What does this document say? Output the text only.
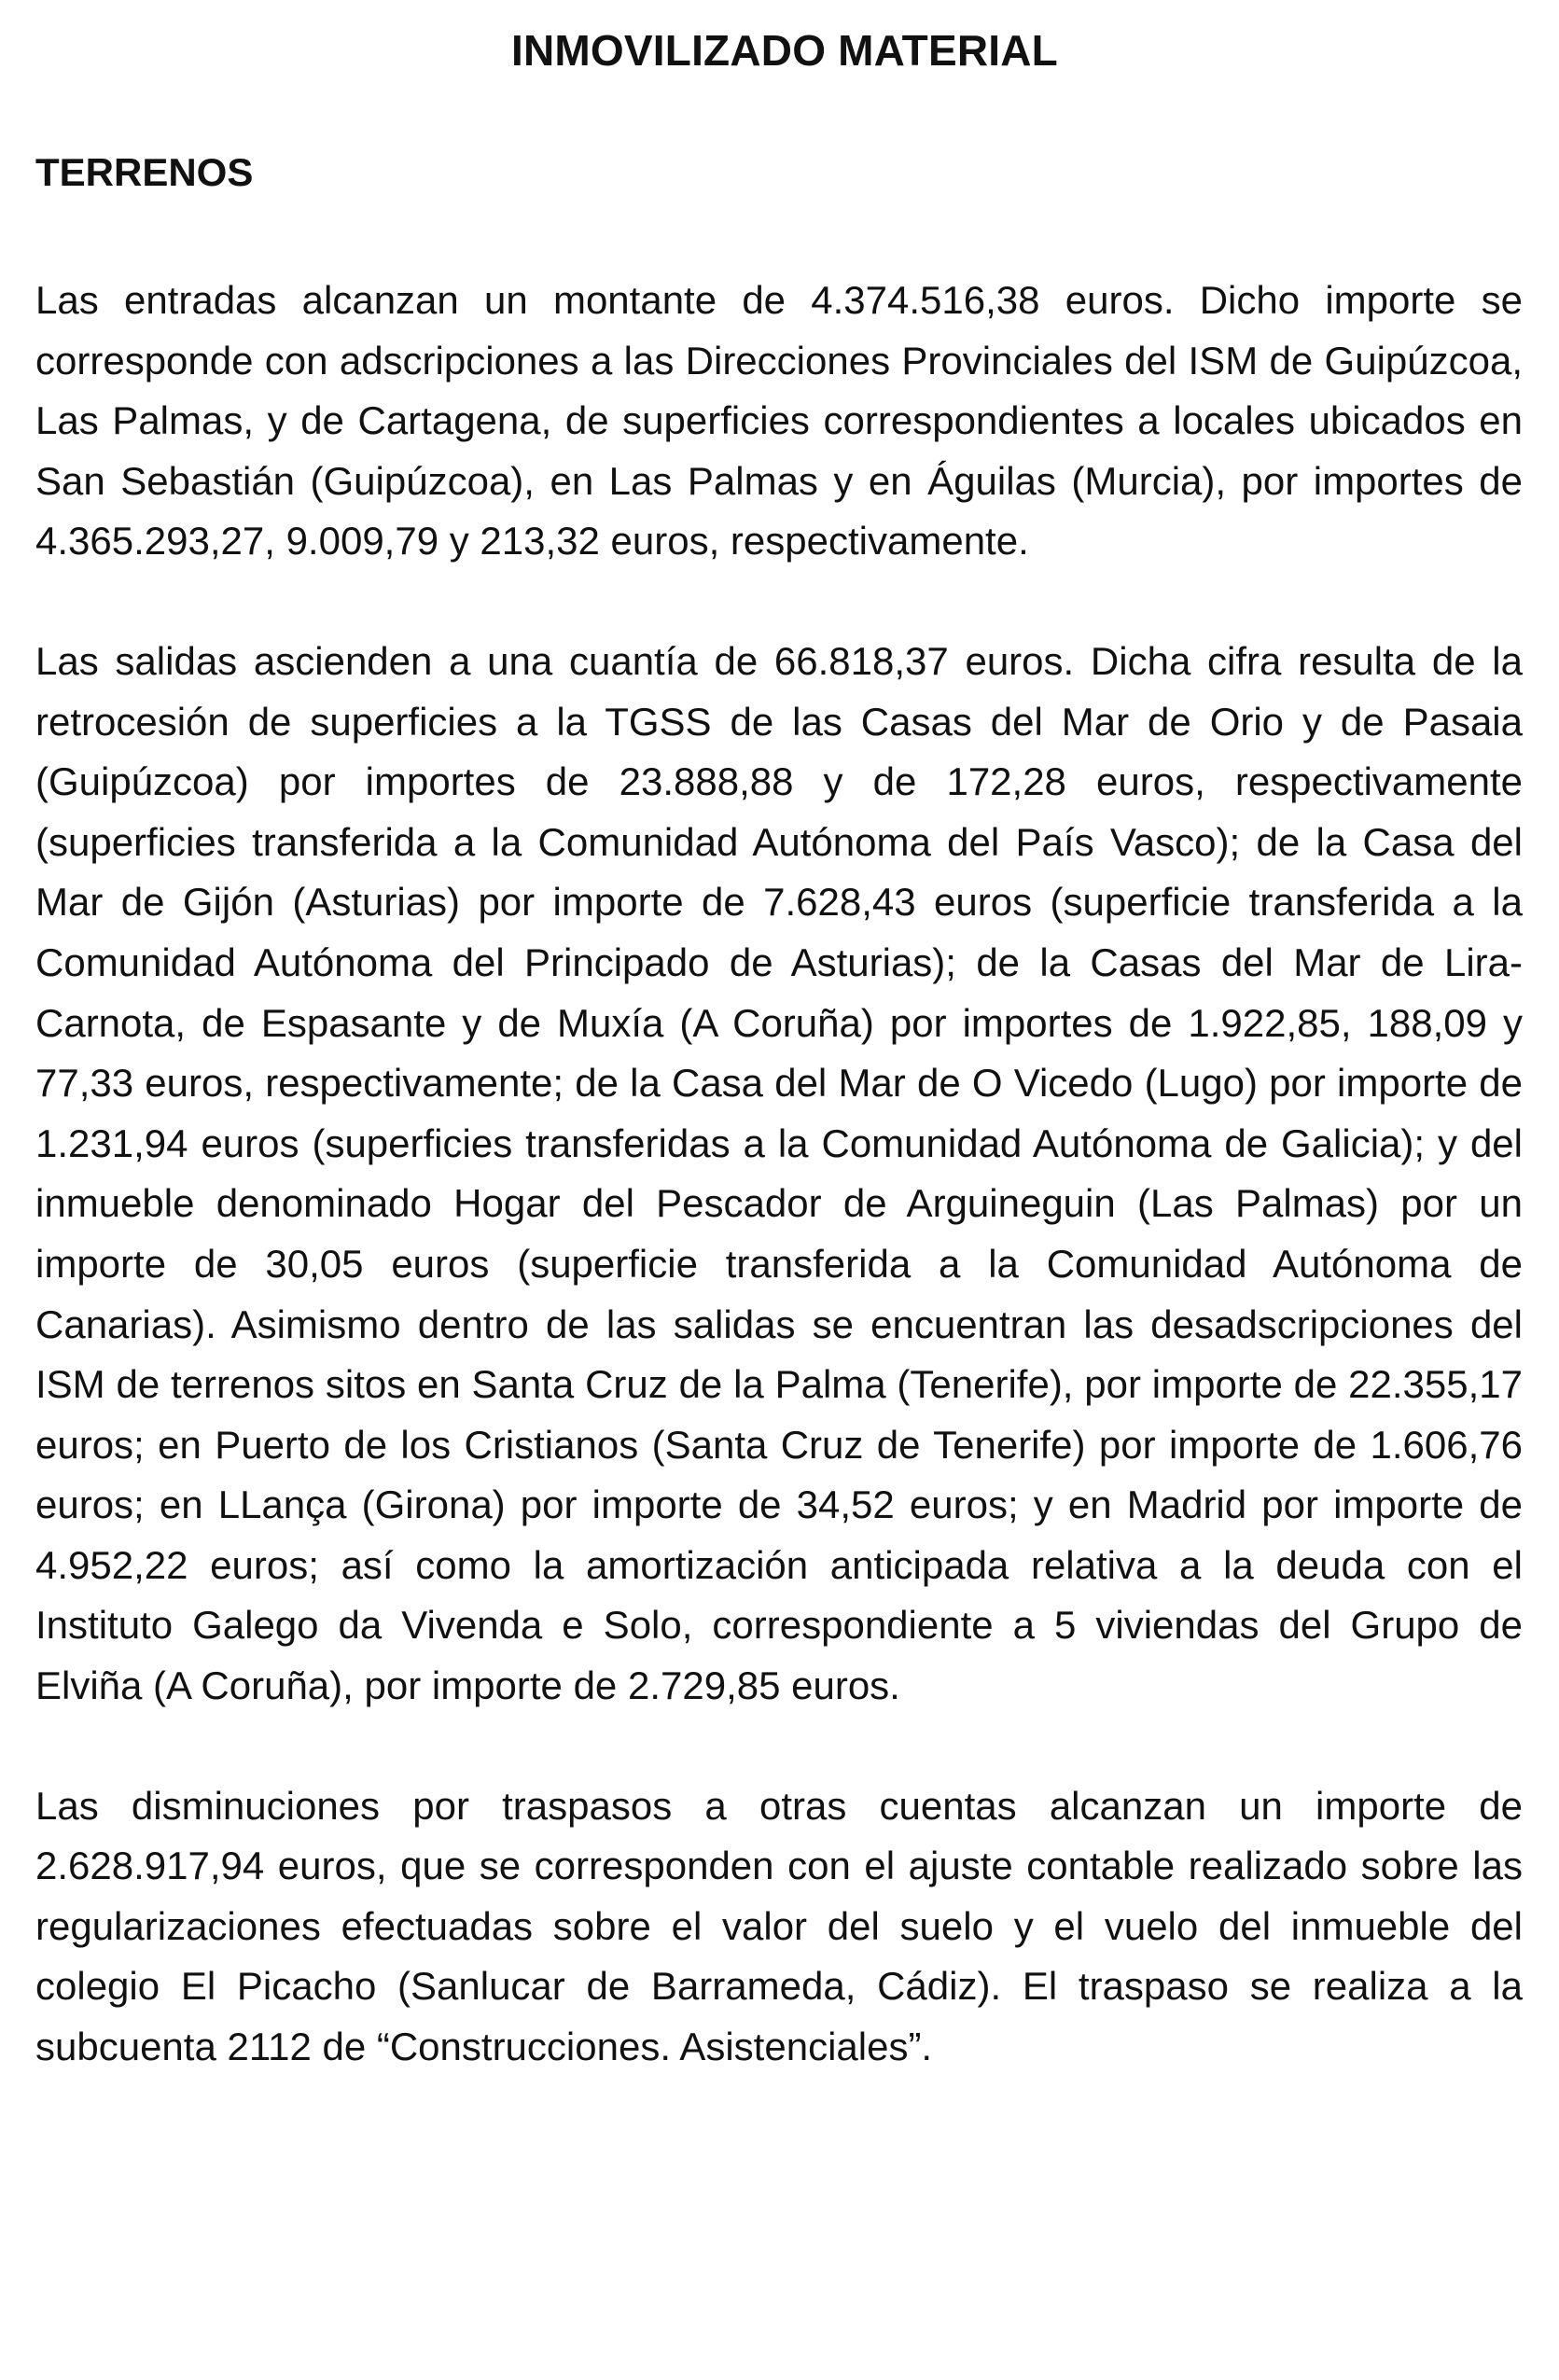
INMOVILIZADO MATERIAL
TERRENOS

Las entradas alcanzan un montante de 4.374.516,38 euros. Dicho importe se corresponde con adscripciones a las Direcciones Provinciales del ISM de Guipúzcoa, Las Palmas, y de Cartagena, de superficies correspondientes a locales ubicados en San Sebastián (Guipúzcoa), en Las Palmas y en Águilas (Murcia), por importes de 4.365.293,27, 9.009,79 y 213,32 euros, respectivamente.

Las salidas ascienden a una cuantía de 66.818,37 euros. Dicha cifra resulta de la retrocesión de superficies a la TGSS de las Casas del Mar de Orio y de Pasaia (Guipúzcoa) por importes de 23.888,88 y de 172,28 euros, respectivamente (superficies transferida a la Comunidad Autónoma del País Vasco); de la Casa del Mar de Gijón (Asturias) por importe de 7.628,43 euros (superficie transferida a la Comunidad Autónoma del Principado de Asturias); de la Casas del Mar de Lira-Carnota, de Espasante y de Muxía (A Coruña) por importes de 1.922,85, 188,09 y 77,33 euros, respectivamente; de la Casa del Mar de O Vicedo (Lugo) por importe de 1.231,94 euros (superficies transferidas a la Comunidad Autónoma de Galicia); y del inmueble denominado Hogar del Pescador de Arguineguin (Las Palmas) por un importe de 30,05 euros (superficie transferida a la Comunidad Autónoma de Canarias). Asimismo dentro de las salidas se encuentran las desadscripciones del ISM de terrenos sitos en Santa Cruz de la Palma (Tenerife), por importe de 22.355,17 euros; en Puerto de los Cristianos (Santa Cruz de Tenerife) por importe de 1.606,76 euros; en LLança (Girona) por importe de 34,52 euros; y en Madrid por importe de 4.952,22 euros; así como la amortización anticipada relativa a la deuda con el Instituto Galego da Vivenda e Solo, correspondiente a 5 viviendas del Grupo de Elviña (A Coruña), por importe de 2.729,85 euros.

Las disminuciones por traspasos a otras cuentas alcanzan un importe de 2.628.917,94 euros, que se corresponden con el ajuste contable realizado sobre las regularizaciones efectuadas sobre el valor del suelo y el vuelo del inmueble del colegio El Picacho (Sanlucar de Barrameda, Cádiz). El traspaso se realiza a la subcuenta 2112 de “Construcciones. Asistenciales”.
